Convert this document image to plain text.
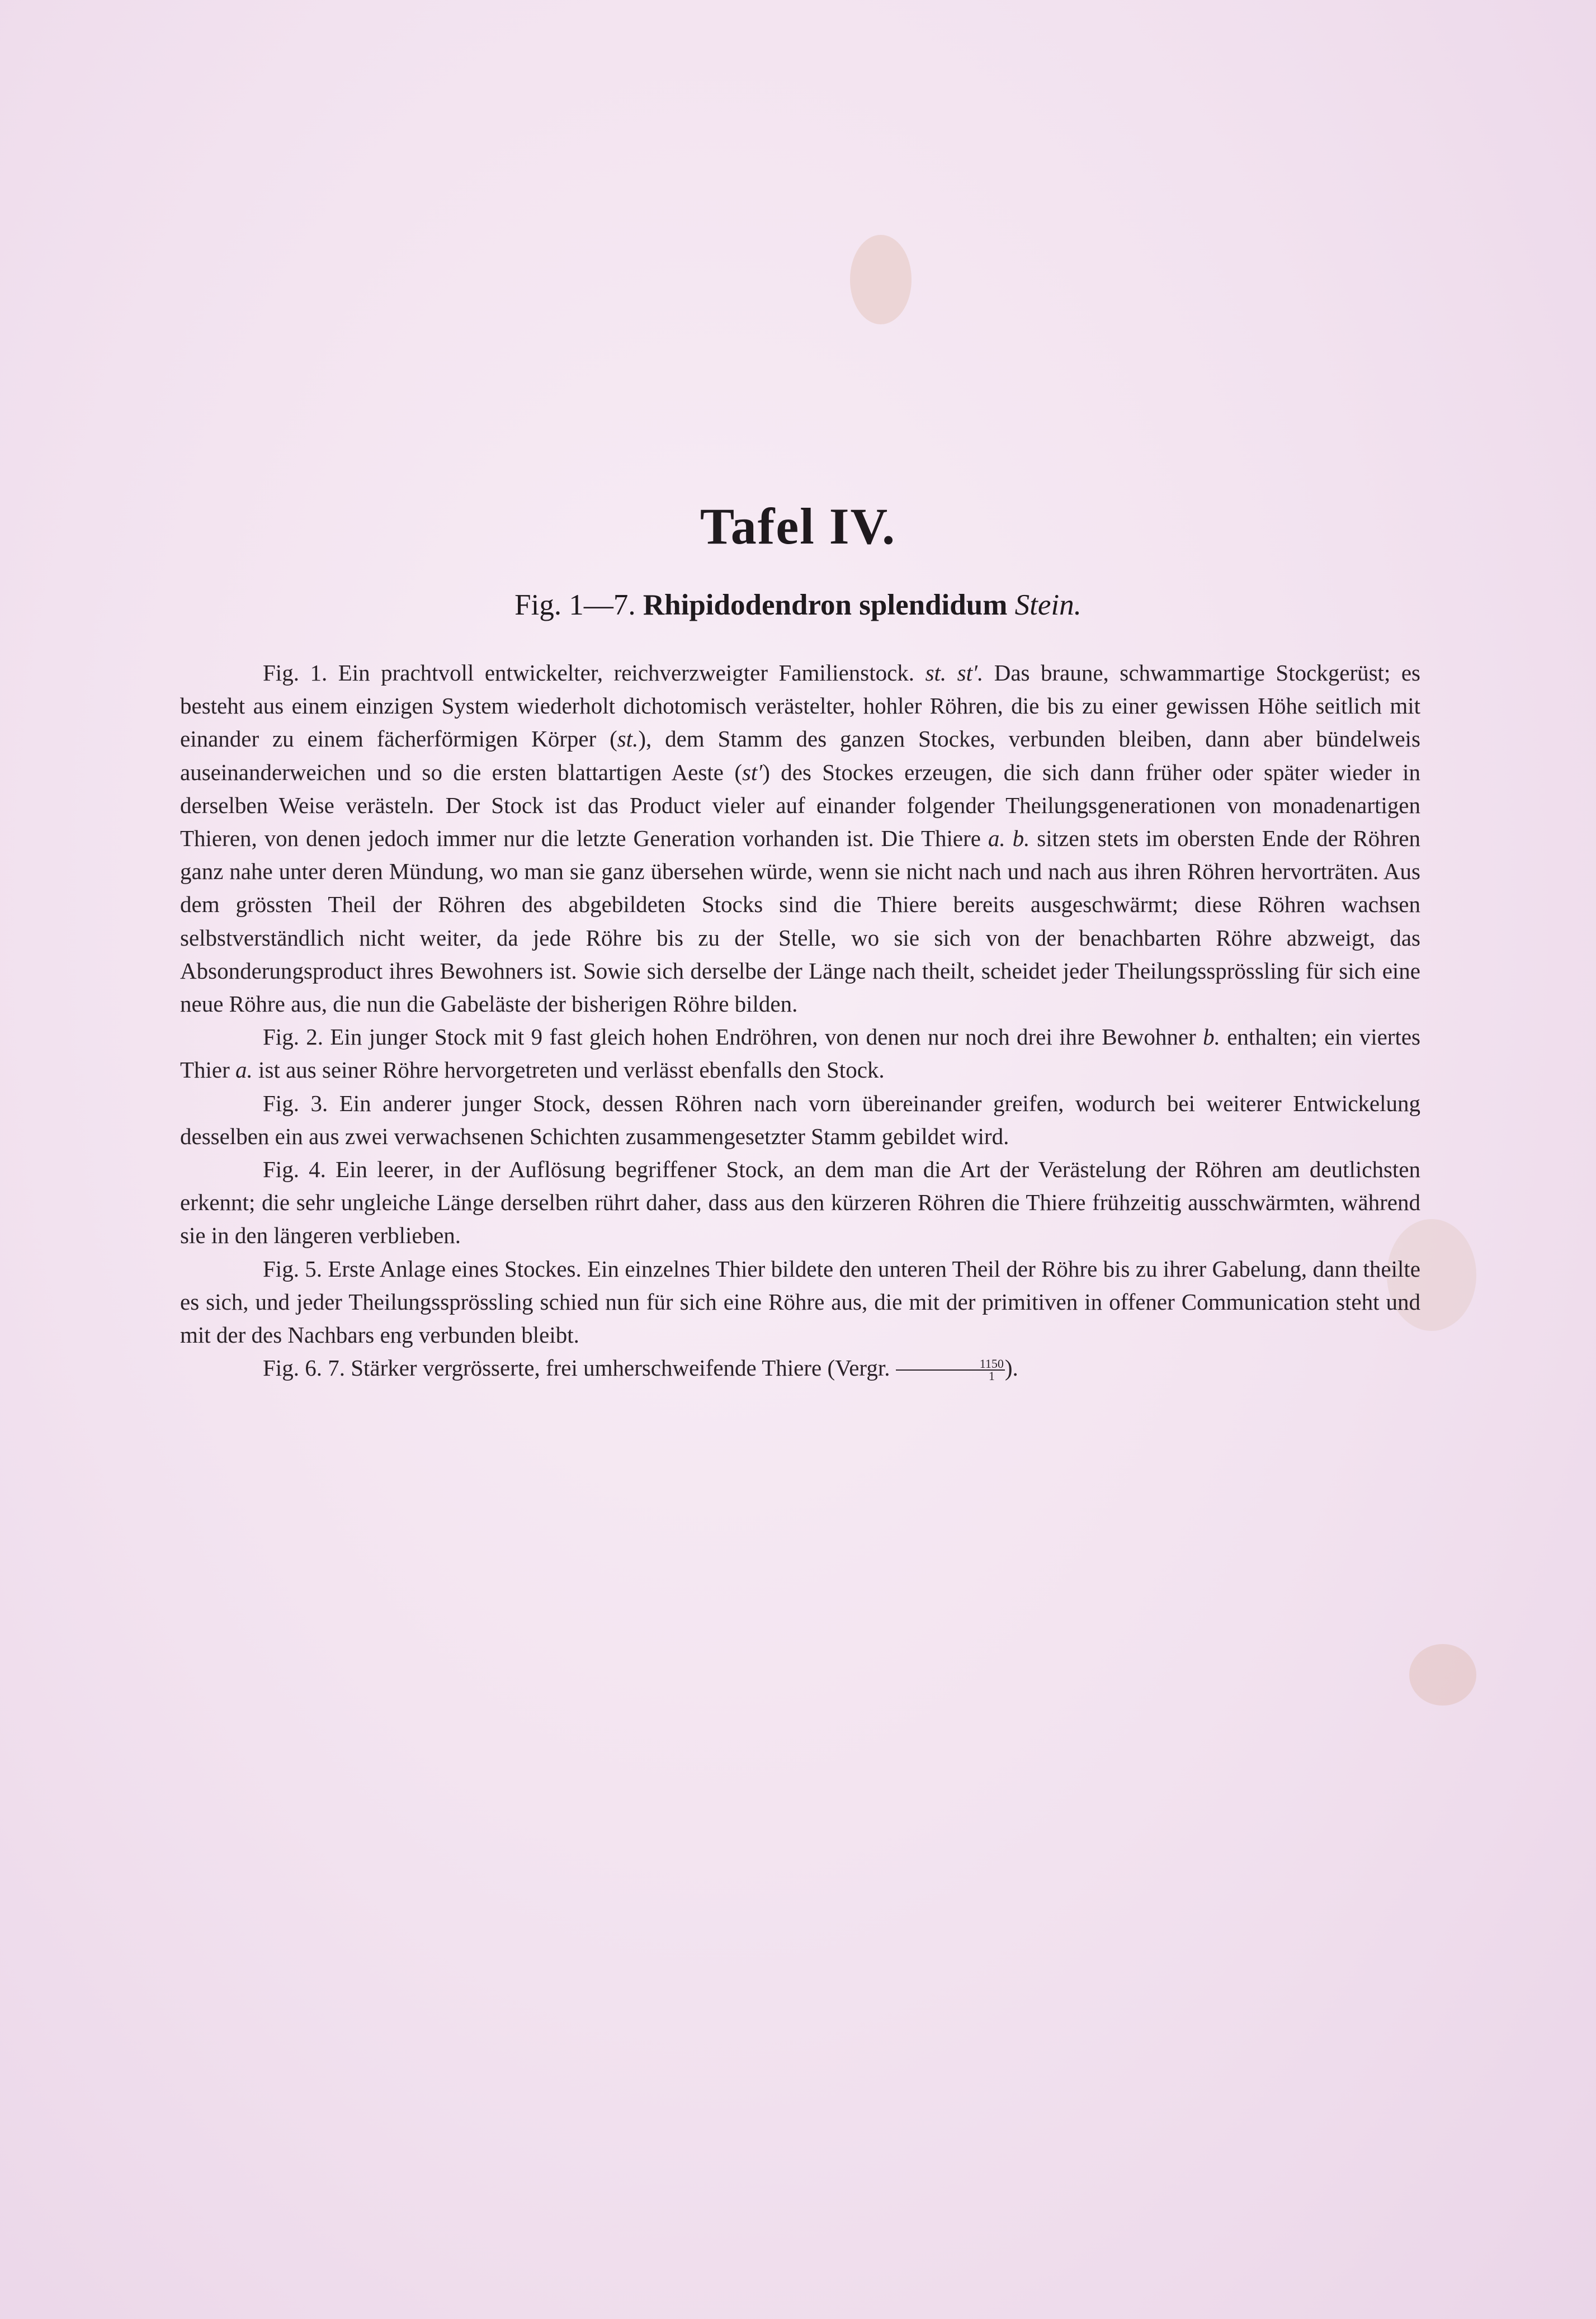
Tafel IV.
Fig. 1—7. Rhipidodendron splendidum Stein.

Fig. 1. Ein prachtvoll entwickelter, reichverzweigter Familienstock. st. st′. Das braune, schwammartige Stockgerüst; es besteht aus einem einzigen System wiederholt dichotomisch verästelter, hohler Röhren, die bis zu einer gewissen Höhe seitlich mit einander zu einem fächerförmigen Körper (st.), dem Stamm des ganzen Stockes, verbunden bleiben, dann aber bündelweis auseinanderweichen und so die ersten blattartigen Aeste (st′) des Stockes erzeugen, die sich dann früher oder später wieder in derselben Weise verästeln. Der Stock ist das Product vieler auf einander folgender Theilungsgenerationen von monadenartigen Thieren, von denen jedoch immer nur die letzte Generation vorhanden ist. Die Thiere a. b. sitzen stets im obersten Ende der Röhren ganz nahe unter deren Mündung, wo man sie ganz übersehen würde, wenn sie nicht nach und nach aus ihren Röhren hervorträten. Aus dem grössten Theil der Röhren des abgebildeten Stocks sind die Thiere bereits ausgeschwärmt; diese Röhren wachsen selbstverständlich nicht weiter, da jede Röhre bis zu der Stelle, wo sie sich von der benachbarten Röhre abzweigt, das Absonderungsproduct ihres Bewohners ist. Sowie sich derselbe der Länge nach theilt, scheidet jeder Theilungssprössling für sich eine neue Röhre aus, die nun die Gabeläste der bisherigen Röhre bilden.

Fig. 2. Ein junger Stock mit 9 fast gleich hohen Endröhren, von denen nur noch drei ihre Bewohner b. enthalten; ein viertes Thier a. ist aus seiner Röhre hervorgetreten und verlässt ebenfalls den Stock.

Fig. 3. Ein anderer junger Stock, dessen Röhren nach vorn übereinander greifen, wodurch bei weiterer Entwickelung desselben ein aus zwei verwachsenen Schichten zusammengesetzter Stamm gebildet wird.

Fig. 4. Ein leerer, in der Auflösung begriffener Stock, an dem man die Art der Verästelung der Röhren am deutlichsten erkennt; die sehr ungleiche Länge derselben rührt daher, dass aus den kürzeren Röhren die Thiere frühzeitig ausschwärmten, während sie in den längeren verblieben.

Fig. 5. Erste Anlage eines Stockes. Ein einzelnes Thier bildete den unteren Theil der Röhre bis zu ihrer Gabelung, dann theilte es sich, und jeder Theilungssprössling schied nun für sich eine Röhre aus, die mit der primitiven in offener Communication steht und mit der des Nachbars eng verbunden bleibt.

Fig. 6. 7. Stärker vergrösserte, frei umherschweifende Thiere (Vergr. $\frac{1150}{1}$ ).
